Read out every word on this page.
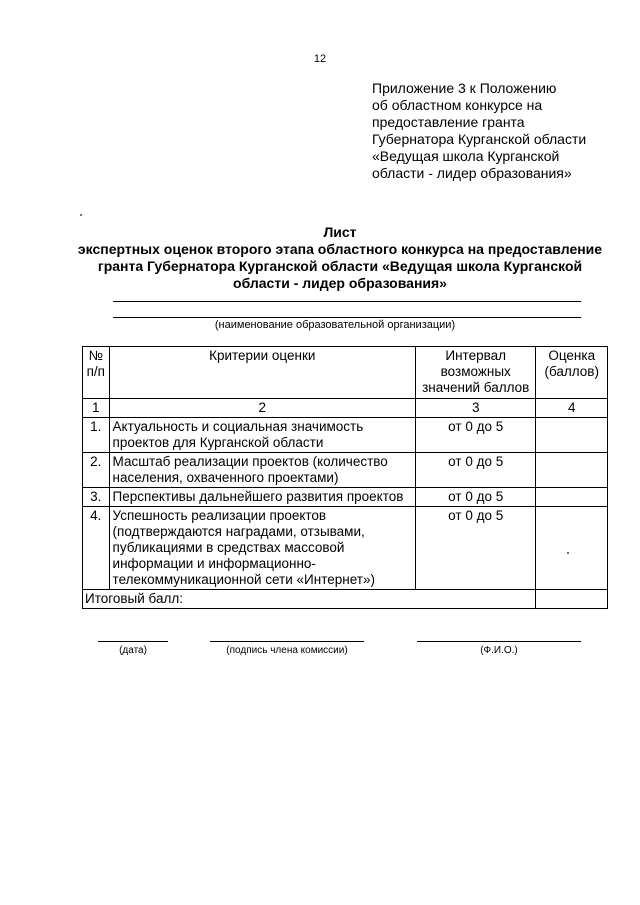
12
Приложение 3 к Положению
об областном конкурсе на
предоставление гранта
Губернатора Курганской области
«Ведущая школа Курганской
области - лидер образования»
Лист
экспертных оценок второго этапа областного конкурса на предоставление
гранта Губернатора Курганской области «Ведущая школа Курганской
области - лидер образования»
(наименование образовательной организации)
№ п/п	Критерии оценки	Интервал возможных значений баллов	Оценка (баллов)
1	2	3	4
1.	Актуальность и социальная значимость проектов для Курганской области	от 0 до 5	
2.	Масштаб реализации проектов (количество населения, охваченного проектами)	от 0 до 5	
3.	Перспективы дальнейшего развития проектов	от 0 до 5	
4.	Успешность реализации проектов (подтверждаются наградами, отзывами, публикациями в средствах массовой информации и информационно-телекоммуникационной сети «Интернет»)	от 0 до 5	
Итоговый балл:			
(дата)	(подпись члена комиссии)	(Ф.И.О.)
